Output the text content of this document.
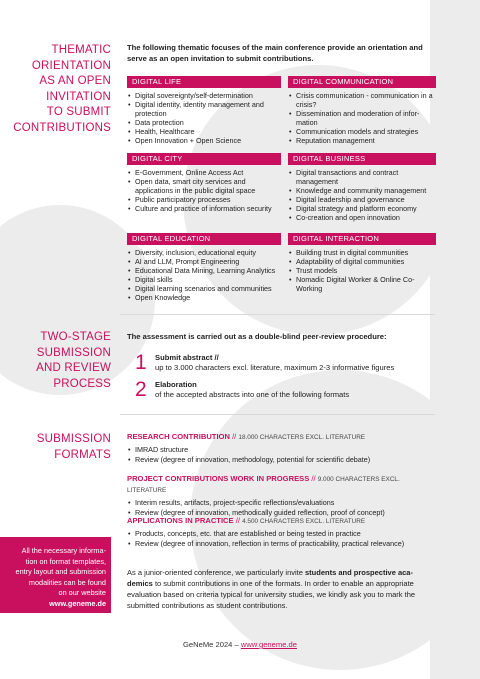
THEMATIC
ORIENTATION
AS AN OPEN
INVITATION
TO SUBMIT
CONTRIBUTIONS
The following thematic focuses of the main conference provide an orientation and serve as an open invitation to submit contributions.
DIGITAL LIFE
• Digital sovereignty/self-determination
• Digital identity, identity management and protection
• Data protection
• Health, Healthcare
• Open Innovation + Open Science
DIGITAL COMMUNICATION
• Crisis communication - communication in a crisis?
• Dissemination and moderation of infor-mation
• Communication models and strategies
• Reputation management
DIGITAL CITY
• E-Government, Online Access Act
• Open data, smart city services and applications in the public digital space
• Public participatory processes
• Culture and practice of information security
DIGITAL BUSINESS
• Digital transactions and contract management
• Knowledge and community management
• Digital leadership and governance
• Digital strategy and platform economy
• Co-creation and open innovation
DIGITAL EDUCATION
• Diversity, inclusion, educational equity
• AI and LLM, Prompt Engineering
• Educational Data Mining, Learning Analytics
• Digital skills
• Digital learning scenarios and communities
• Open Knowledge
DIGITAL INTERACTION
• Building trust in digital communities
• Adaptability of digital communities
• Trust models
• Nomadic Digital Worker & Online Co-Working
TWO-STAGE
SUBMISSION
AND REVIEW
PROCESS
The assessment is carried out as a double-blind peer-review procedure:
1 Submit abstract //
up to 3.000 characters excl. literature, maximum 2-3 informative figures
2 Elaboration
of the accepted abstracts into one of the following formats
SUBMISSION
FORMATS
RESEARCH CONTRIBUTION // 18.000 CHARACTERS EXCL. LITERATURE
• IMRAD structure
• Review (degree of innovation, methodology, potential for scientific debate)
PROJECT CONTRIBUTIONS WORK IN PROGRESS // 9.000 CHARACTERS EXCL. LITERATURE
• Interim results, artifacts, project-specific reflections/evaluations
• Review (degree of innovation, methodically guided reflection, proof of concept)
APPLICATIONS IN PRACTICE // 4.500 CHARACTERS EXCL. LITERATURE
• Products, concepts, etc. that are established or being tested in practice
• Review (degree of innovation, reflection in terms of practicability, practical relevance)
All the necessary informa-
tion on format templates,
entry layout and submission
modalities can be found
on our website
www.geneme.de
As a junior-oriented conference, we particularly invite students and prospective aca-demics to submit contributions in one of the formats. In order to enable an appropriate evaluation based on criteria typical for university studies, we kindly ask you to mark the submitted contributions as student contributions.
GeNeMe 2024 – www.geneme.de
